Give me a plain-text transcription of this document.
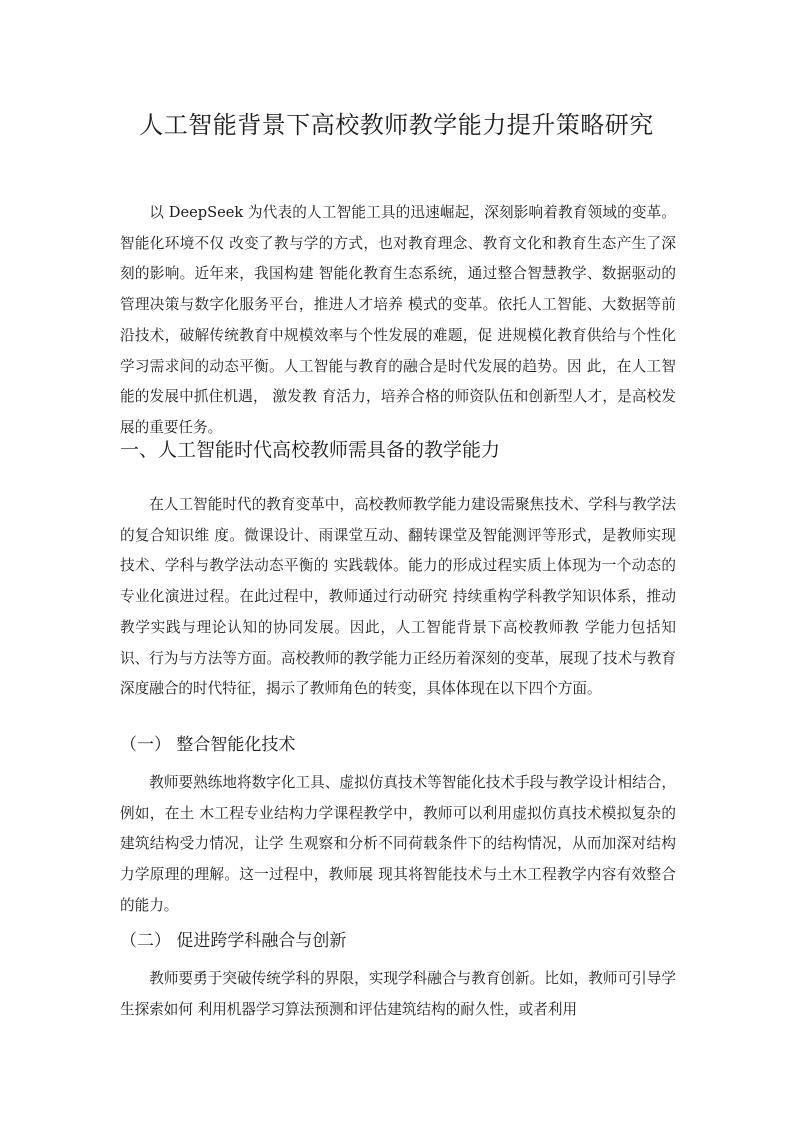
人工智能背景下高校教师教学能力提升策略研究

以 DeepSeek 为代表的人工智能工具的迅速崛起，深刻影响着教育领域的变革。智能化环境不仅 改变了教与学的方式，也对教育理念、教育文化和教育生态产生了深刻的影响。近年来，我国构建 智能化教育生态系统，通过整合智慧教学、数据驱动的管理决策与数字化服务平台，推进人才培养 模式的变革。依托人工智能、大数据等前沿技术，破解传统教育中规模效率与个性发展的难题，促 进规模化教育供给与个性化学习需求间的动态平衡。人工智能与教育的融合是时代发展的趋势。因 此，在人工智能的发展中抓住机遇， 激发教 育活力，培养合格的师资队伍和创新型人才，是高校发 展的重要任务。

一、人工智能时代高校教师需具备的教学能力

在人工智能时代的教育变革中，高校教师教学能力建设需聚焦技术、学科与教学法的复合知识维 度。微课设计、雨课堂互动、翻转课堂及智能测评等形式，是教师实现技术、学科与教学法动态平衡的 实践载体。能力的形成过程实质上体现为一个动态的专业化演进过程。在此过程中，教师通过行动研究 持续重构学科教学知识体系，推动教学实践与理论认知的协同发展。因此，人工智能背景下高校教师教 学能力包括知识、行为与方法等方面。高校教师的教学能力正经历着深刻的变革，展现了技术与教育 深度融合的时代特征，揭示了教师角色的转变，具体体现在以下四个方面。

（一） 整合智能化技术

教师要熟练地将数字化工具、虚拟仿真技术等智能化技术手段与教学设计相结合，例如，在土 木工程专业结构力学课程教学中，教师可以利用虚拟仿真技术模拟复杂的建筑结构受力情况，让学 生观察和分析不同荷载条件下的结构情况，从而加深对结构力学原理的理解。这一过程中，教师展 现其将智能技术与土木工程教学内容有效整合的能力。

（二） 促进跨学科融合与创新

教师要勇于突破传统学科的界限，实现学科融合与教育创新。比如，教师可引导学生探索如何 利用机器学习算法预测和评估建筑结构的耐久性，或者利用
